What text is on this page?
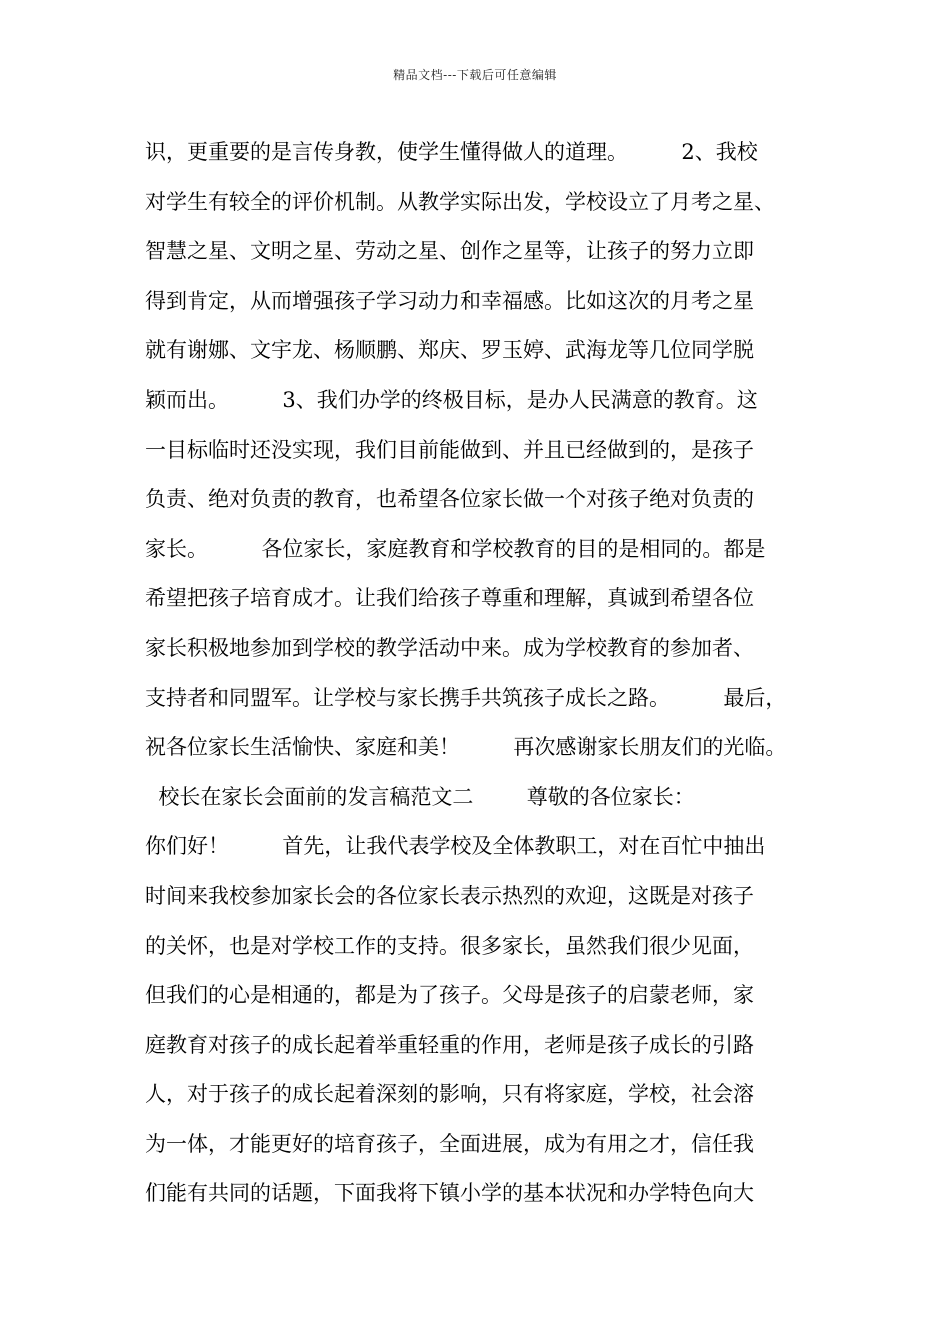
精品文档---下载后可任意编辑
识，更重要的是言传身教，使学生懂得做人的道理。        2、我校
对学生有较全的评价机制。从教学实际出发，学校设立了月考之星、
智慧之星、文明之星、劳动之星、创作之星等，让孩子的努力立即
得到肯定，从而增强孩子学习动力和幸福感。比如这次的月考之星
就有谢娜、文宇龙、杨顺鹏、郑庆、罗玉婷、武海龙等几位同学脱
颖而出。        3、我们办学的终极目标，是办人民满意的教育。这
一目标临时还没实现，我们目前能做到、并且已经做到的，是孩子
负责、绝对负责的教育，也希望各位家长做一个对孩子绝对负责的
家长。        各位家长，家庭教育和学校教育的目的是相同的。都是
希望把孩子培育成才。让我们给孩子尊重和理解，真诚到希望各位
家长积极地参加到学校的教学活动中来。成为学校教育的参加者、
支持者和同盟军。让学校与家长携手共筑孩子成长之路。        最后，
祝各位家长生活愉快、家庭和美！        再次感谢家长朋友们的光临。
校长在家长会面前的发言稿范文二        尊敬的各位家长：
你们好！        首先，让我代表学校及全体教职工，对在百忙中抽出
时间来我校参加家长会的各位家长表示热烈的欢迎，这既是对孩子
的关怀，也是对学校工作的支持。很多家长，虽然我们很少见面，
但我们的心是相通的，都是为了孩子。父母是孩子的启蒙老师，家
庭教育对孩子的成长起着举重轻重的作用，老师是孩子成长的引路
人，对于孩子的成长起着深刻的影响，只有将家庭，学校，社会溶
为一体，才能更好的培育孩子，全面进展，成为有用之才，信任我
们能有共同的话题，下面我将下镇小学的基本状况和办学特色向大
